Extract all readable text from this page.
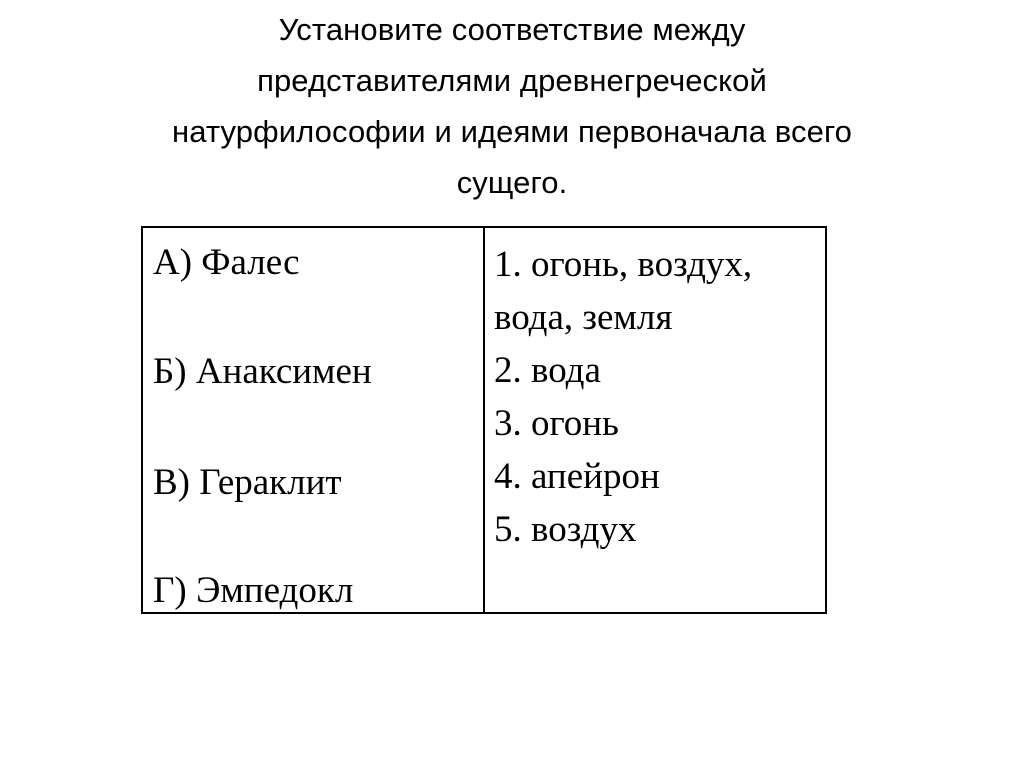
Установите соответствие между
представителями древнегреческой
натурфилософии и идеями первоначала всего
сущего.
А) Фалес
Б) Анаксимен
В) Гераклит
Г) Эмпедокл
1. огонь, воздух,
вода, земля
2. вода
3. огонь
4. апейрон
5. воздух
